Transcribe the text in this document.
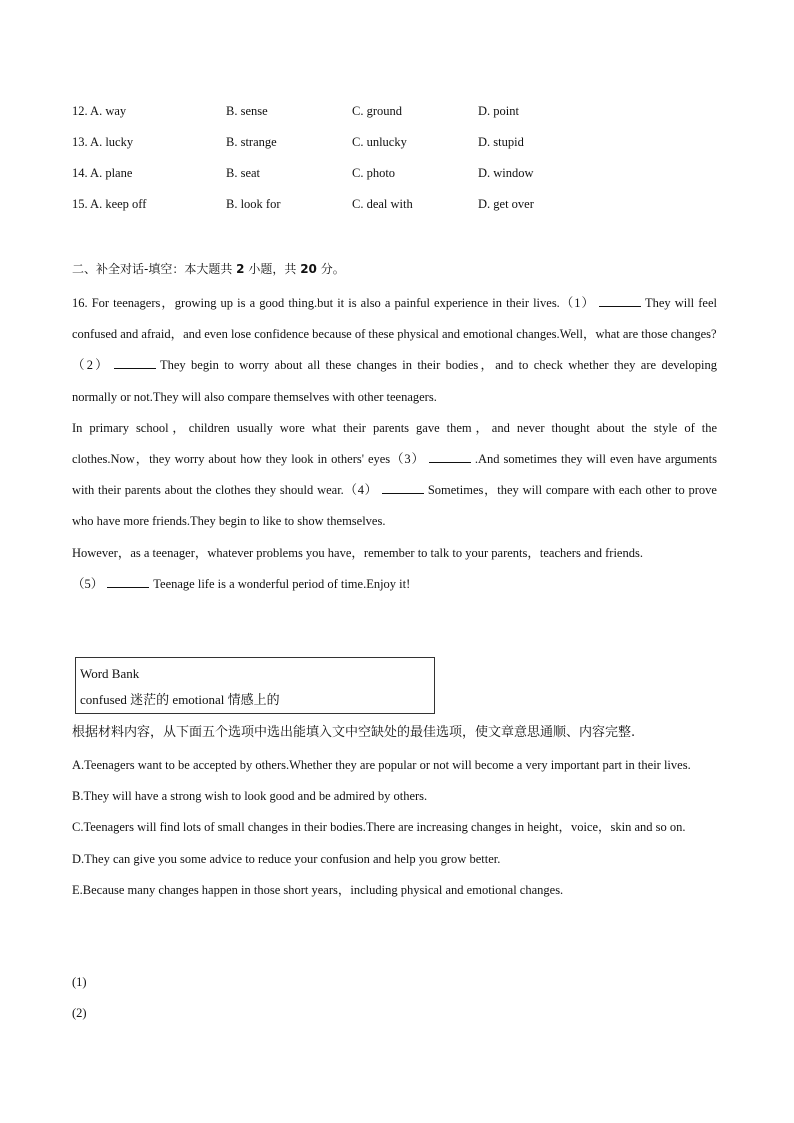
12. A. way	B. sense	C. ground	D. point
13. A. lucky	B. strange	C. unlucky	D. stupid
14. A. plane	B. seat	C. photo	D. window
15. A. keep off	B. look for	C. deal with	D. get over
二、补全对话-填空：本大题共 2 小题，共 20 分。

16. For teenagers，growing up is a good thing.but it is also a painful experience in their lives.（1）	They will feel confused and afraid，and even lose confidence because of these physical and emotional changes.Well，what are those changes?

（2）	They begin to worry about all these changes in their bodies，and to check whether they are developing normally or not.They will also compare themselves with other teenagers.

In primary school，children usually wore what their parents gave them，and never thought about the style of the clothes.Now，they worry about how they look in others' eyes（3）	.And sometimes they will even have arguments with their parents about the clothes they should wear.（4）	Sometimes，they will compare with each other to prove who have more friends.They begin to like to show themselves.

However，as a teenager，whatever problems you have，remember to talk to your parents，teachers and friends.

（5）	Teenage life is a wonderful period of time.Enjoy it!

Word Bank
confused 迷茫的 emotional 情感上的
根据材料内容，从下面五个选项中选出能填入文中空缺处的最佳选项，使文章意思通顺、内容完整.

A.Teenagers want to be accepted by others.Whether they are popular or not will become a very important part in their lives.

B.They will have a strong wish to look good and be admired by others.

C.Teenagers will find lots of small changes in their bodies.There are increasing changes in height，voice，skin and so on.

D.They can give you some advice to reduce your confusion and help you grow better.

E.Because many changes happen in those short years，including physical and emotional changes.

(1)
(2)
